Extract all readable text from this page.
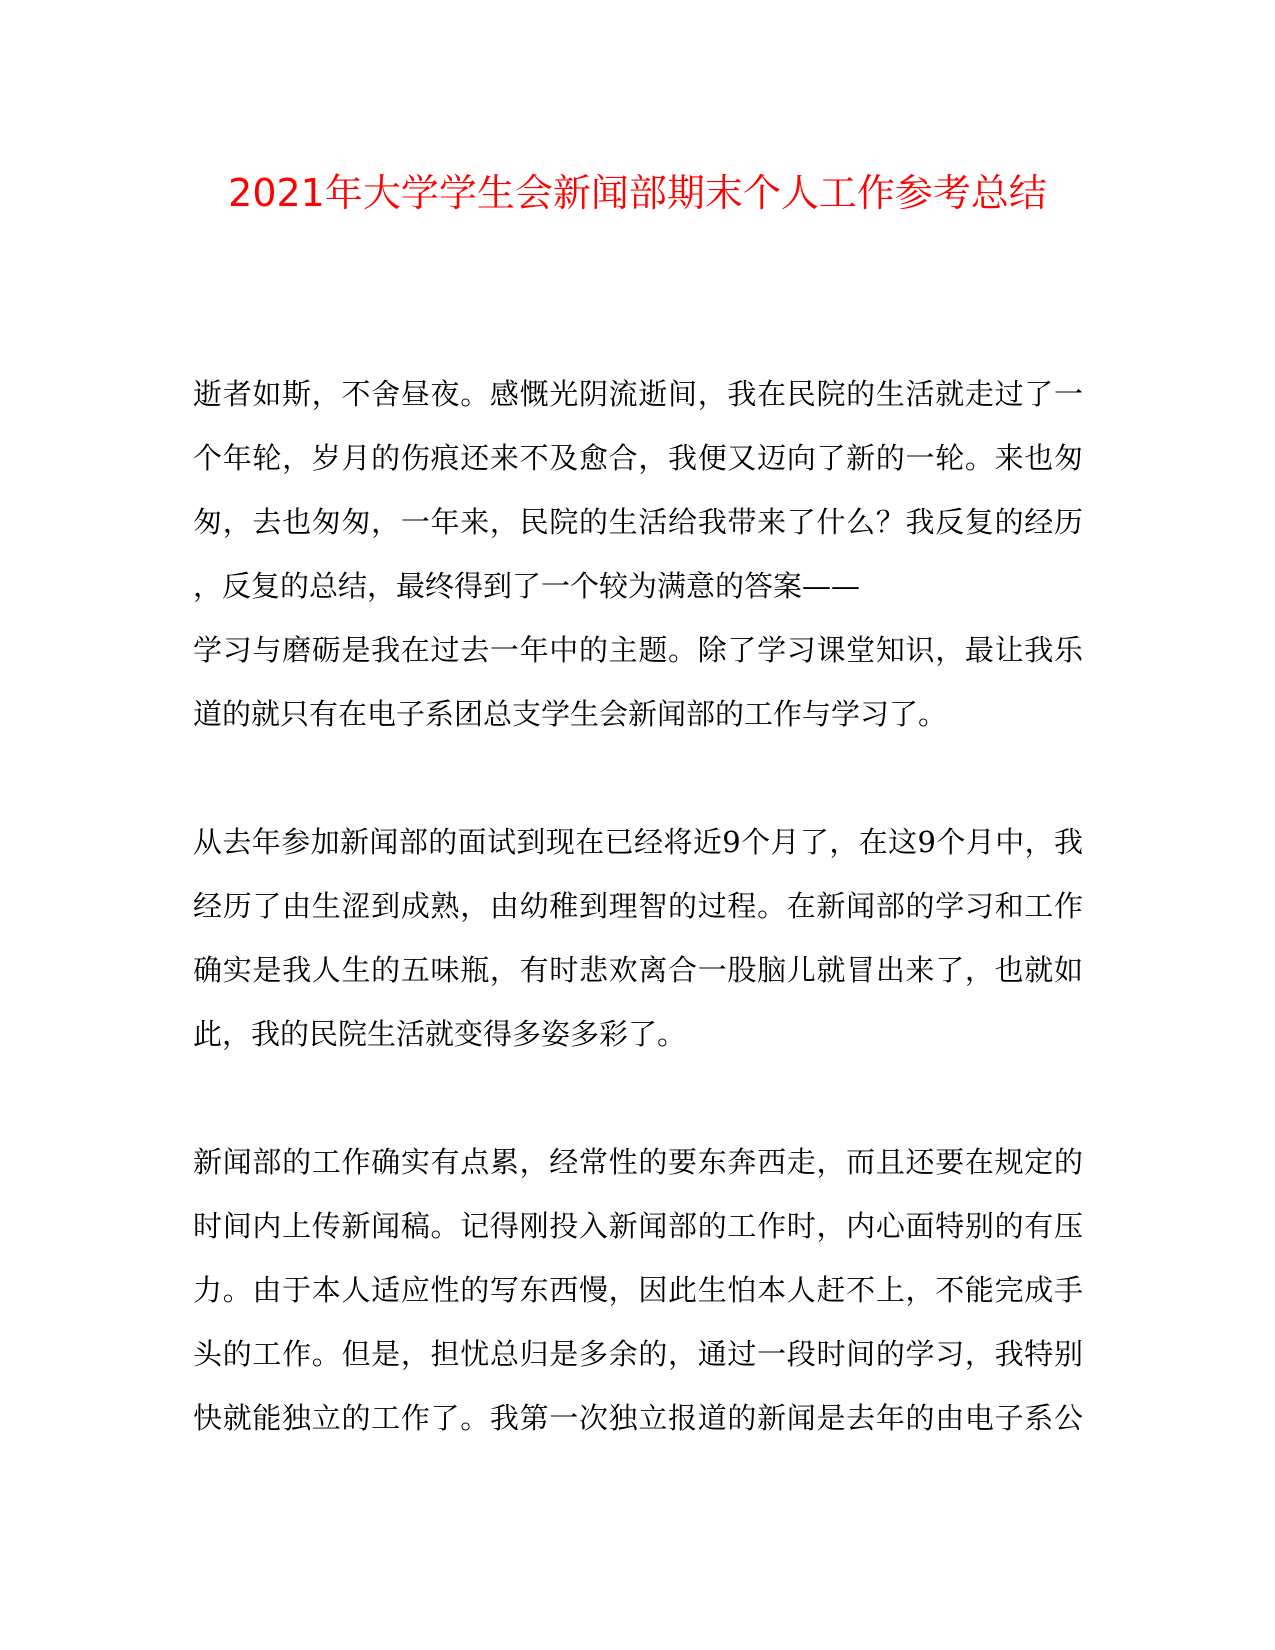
2021年大学学生会新闻部期末个人工作参考总结
逝者如斯，不舍昼夜。感慨光阴流逝间，我在民院的生活就走过了一
个年轮，岁月的伤痕还来不及愈合，我便又迈向了新的一轮。来也匆
匆，去也匆匆，一年来，民院的生活给我带来了什么？我反复的经历
，反复的总结，最终得到了一个较为满意的答案——
学习与磨砺是我在过去一年中的主题。除了学习课堂知识，最让我乐
道的就只有在电子系团总支学生会新闻部的工作与学习了。
从去年参加新闻部的面试到现在已经将近9个月了，在这9个月中，我
经历了由生涩到成熟，由幼稚到理智的过程。在新闻部的学习和工作
确实是我人生的五味瓶，有时悲欢离合一股脑儿就冒出来了，也就如
此，我的民院生活就变得多姿多彩了。
新闻部的工作确实有点累，经常性的要东奔西走，而且还要在规定的
时间内上传新闻稿。记得刚投入新闻部的工作时，内心面特别的有压
力。由于本人适应性的写东西慢，因此生怕本人赶不上，不能完成手
头的工作。但是，担忧总归是多余的，通过一段时间的学习，我特别
快就能独立的工作了。我第一次独立报道的新闻是去年的由电子系公
